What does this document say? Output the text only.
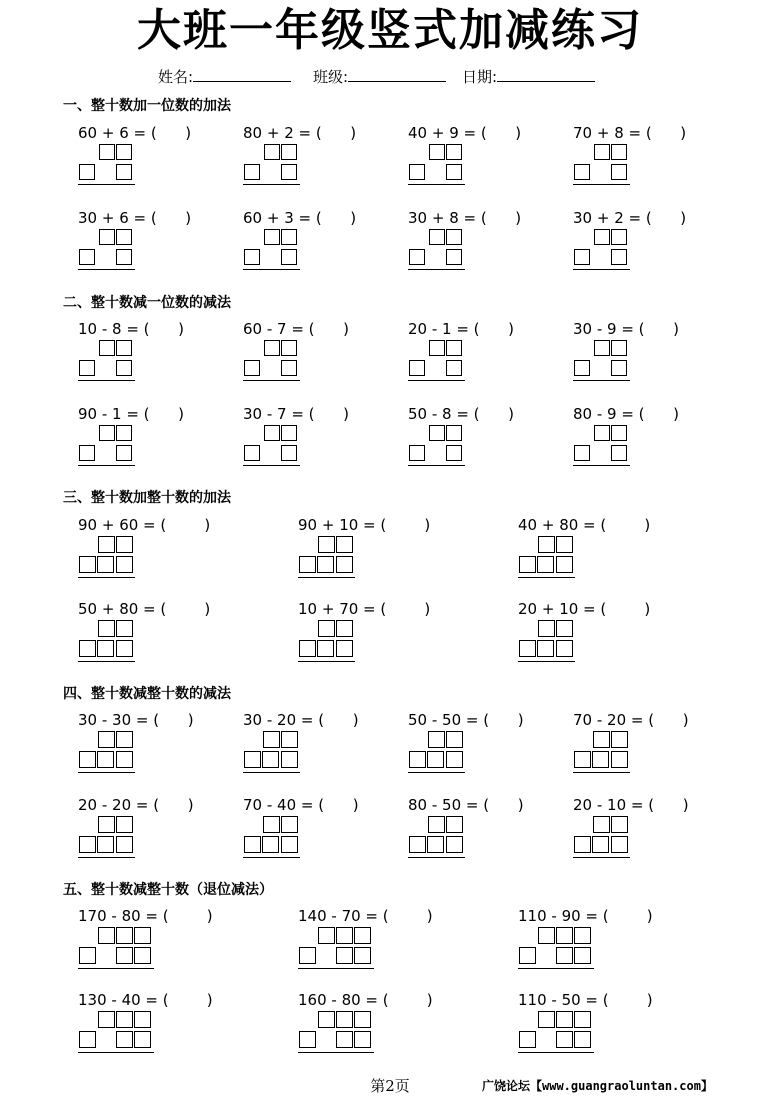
大班一年级竖式加减练习
姓名:	班级:	日期:
一、整十数加一位数的加法
60 + 6 = (      )	80 + 2 = (      )	40 + 9 = (      )	70 + 8 = (      )
30 + 6 = (      )	60 + 3 = (      )	30 + 8 = (      )	30 + 2 = (      )
二、整十数减一位数的减法
10 - 8 = (      )	60 - 7 = (      )	20 - 1 = (      )	30 - 9 = (      )
90 - 1 = (      )	30 - 7 = (      )	50 - 8 = (      )	80 - 9 = (      )
三、整十数加整十数的加法
90 + 60 = (        )	90 + 10 = (        )	40 + 80 = (        )
50 + 80 = (        )	10 + 70 = (        )	20 + 10 = (        )
四、整十数减整十数的减法
30 - 30 = (      )	30 - 20 = (      )	50 - 50 = (      )	70 - 20 = (      )
20 - 20 = (      )	70 - 40 = (      )	80 - 50 = (      )	20 - 10 = (      )
五、整十数减整十数（退位减法）
170 - 80 = (        )	140 - 70 = (        )	110 - 90 = (        )
130 - 40 = (        )	160 - 80 = (        )	110 - 50 = (        )
第2页	广饶论坛【www.guangraoluntan.com】
